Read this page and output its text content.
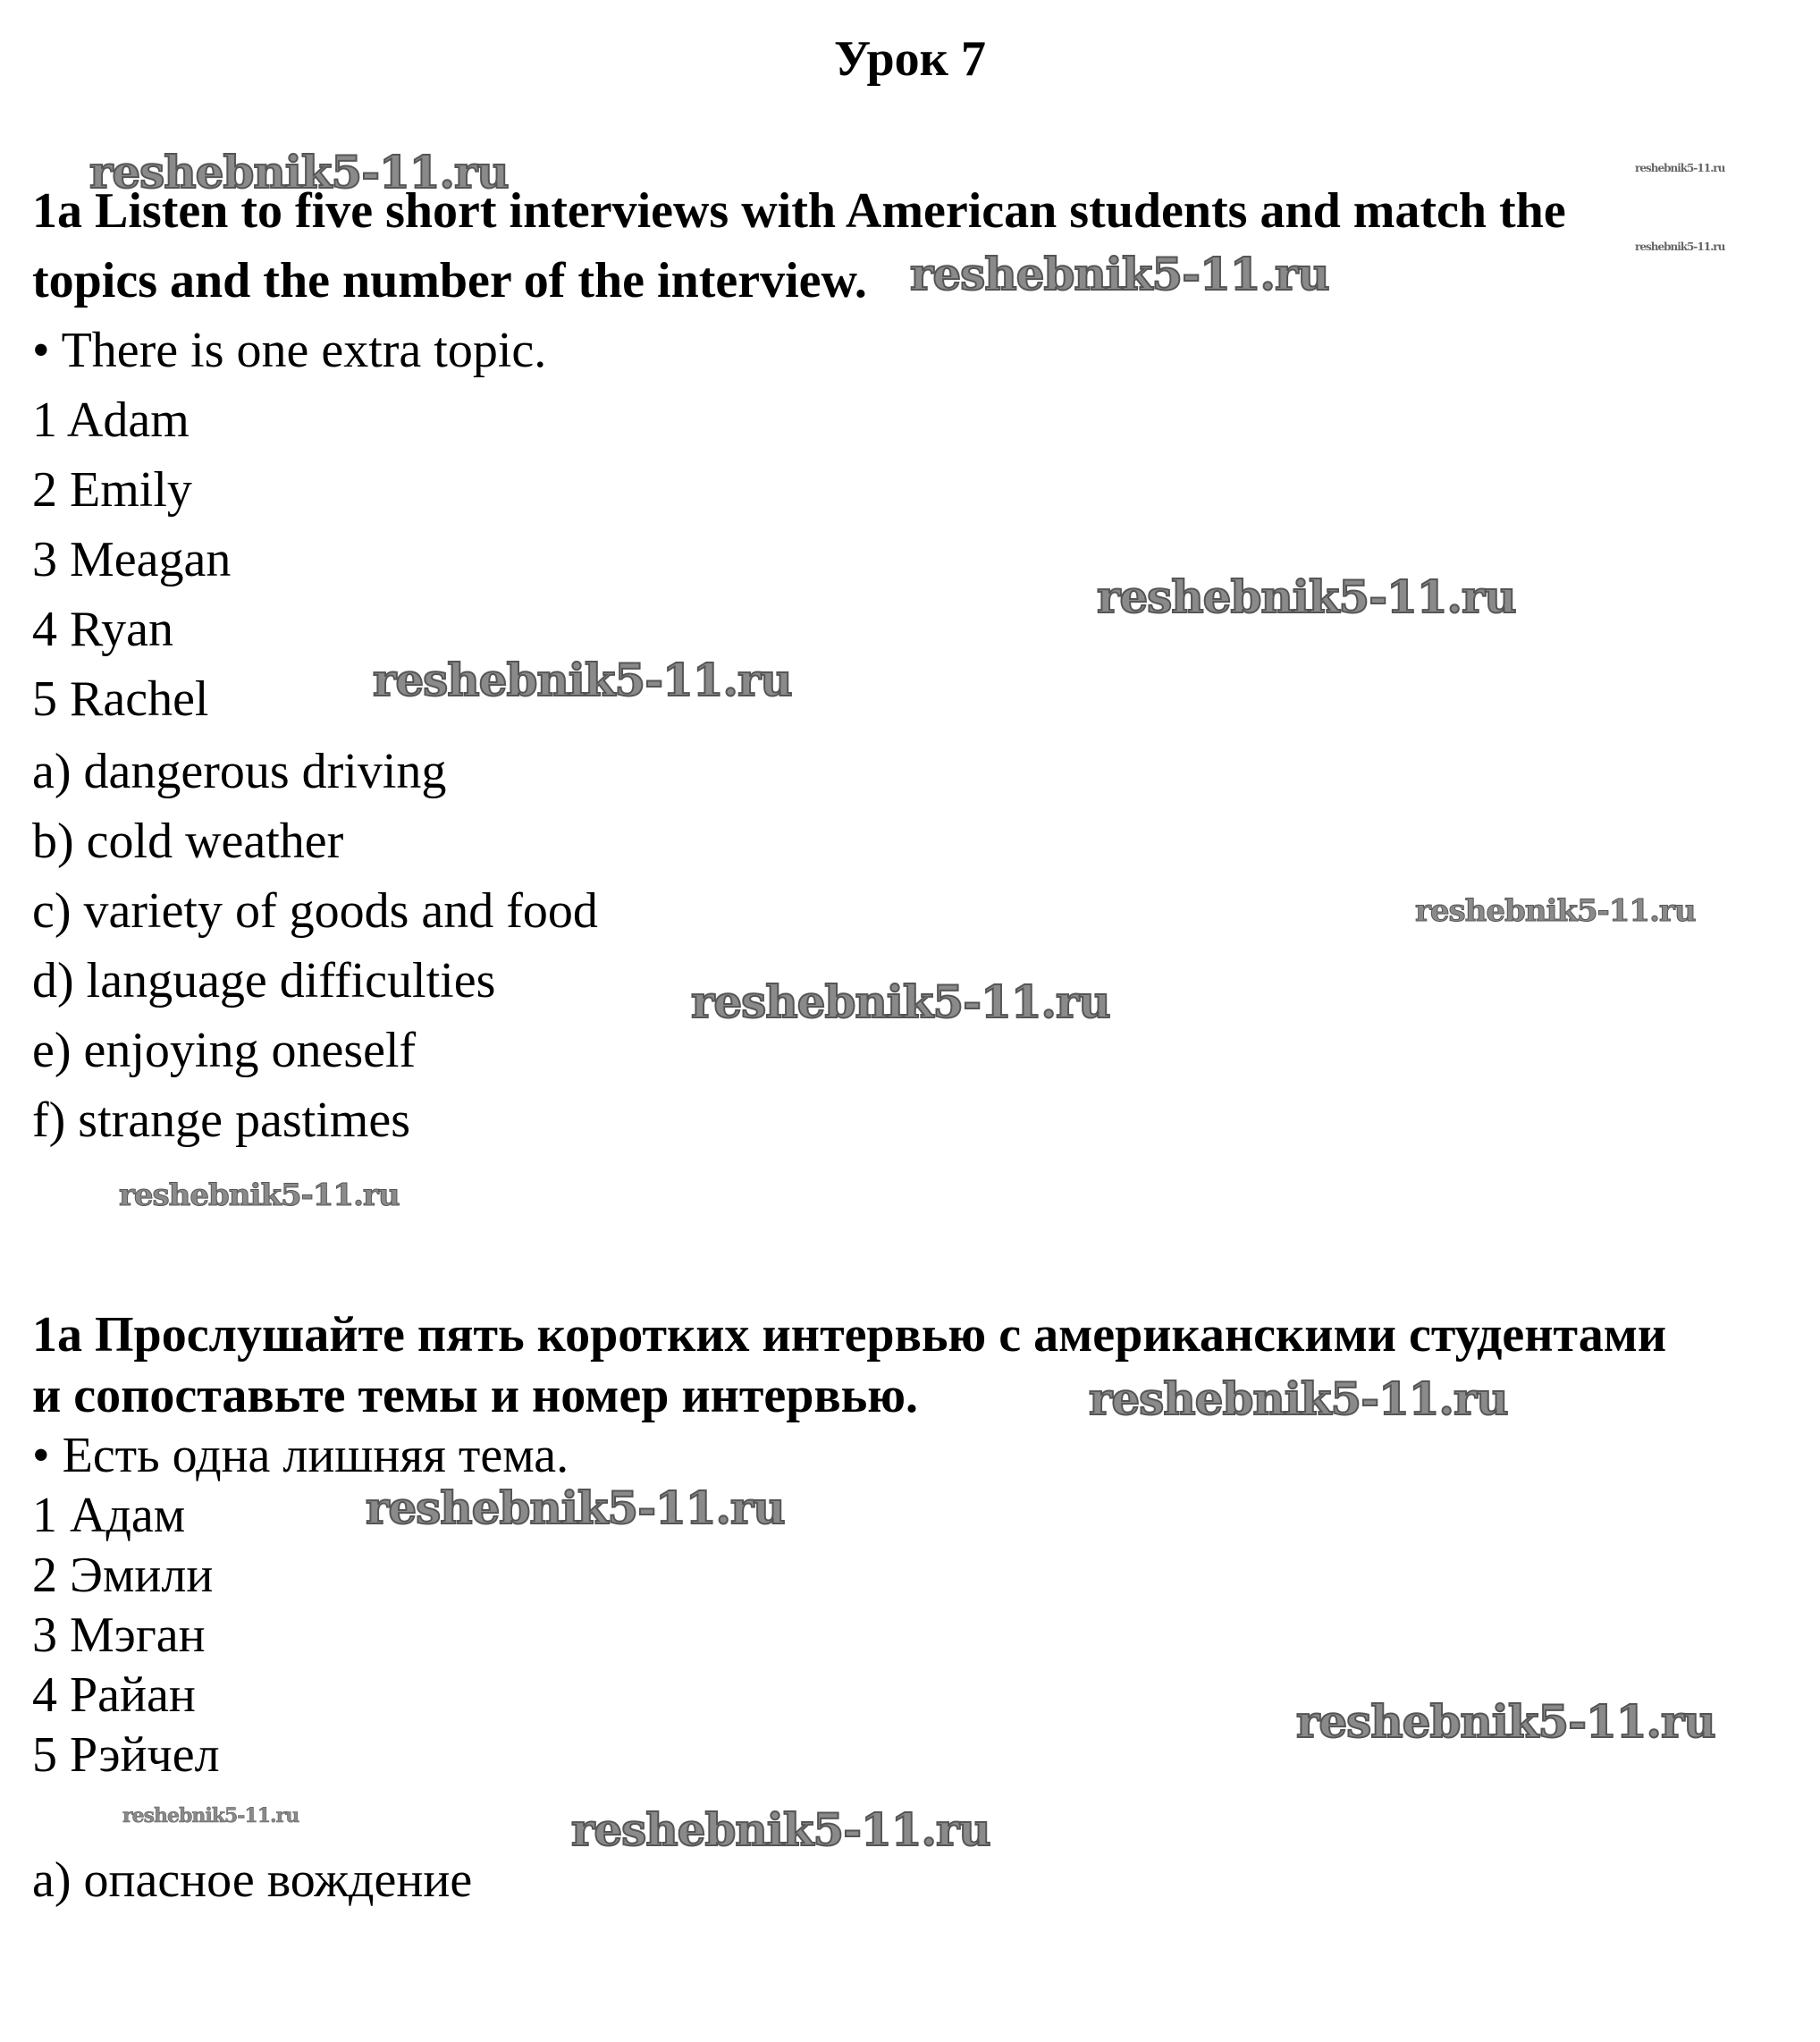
Урок 7
1a Listen to five short interviews with American students and match the
topics and the number of the interview.
• There is one extra topic.
1 Adam
2 Emily
3 Meagan
4 Ryan
5 Rachel
a) dangerous driving
b) cold weather
c) variety of goods and food
d) language difficulties
e) enjoying oneself
f) strange pastimes
1a Прослушайте пять коротких интервью с американскими студентами
и сопоставьте темы и номер интервью.
• Есть одна лишняя тема.
1 Адам
2 Эмили
3 Мэган
4 Райан
5 Рэйчел
a) опасное вождение
reshebnik5-11.ru
reshebnik5-11.ru
reshebnik5-11.ru
reshebnik5-11.ru
reshebnik5-11.ru
reshebnik5-11.ru
reshebnik5-11.ru
reshebnik5-11.ru
reshebnik5-11.ru
reshebnik5-11.ru
reshebnik5-11.ru	reshebnik5-11.ru
reshebnik5-11.ru
reshebnik5-11.ru
